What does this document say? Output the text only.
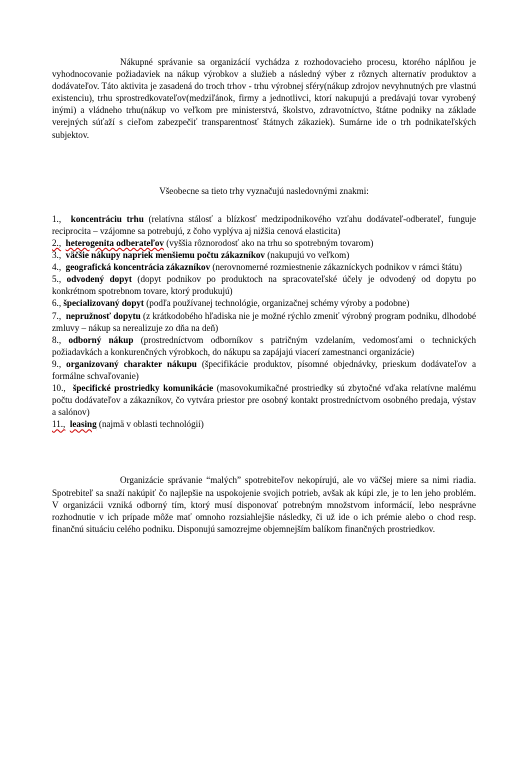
Nákupné správanie sa organizácií vychádza z rozhodovacieho procesu, ktorého náplňou je vyhodnocovanie požiadaviek na nákup výrobkov a služieb a následný výber z rôznych alternatív produktov a dodávateľov. Táto aktivita je zasadená do troch trhov - trhu výrobnej sféry(nákup zdrojov nevyhnutných pre vlastnú existenciu), trhu sprostredkovateľov(medziľánok, firmy a jednotlivci, ktorí nakupujú a predávajú tovar vyrobený inými) a vládneho trhu(nákup vo veľkom pre ministerstvá, školstvo, zdravotníctvo, štátne podniky na základe verejných súťaží s cieľom zabezpečiť transparentnosť štátnych zákaziek). Sumárne ide o trh podnikateľských subjektov.

Všeobecne sa tieto trhy vyznačujú nasledovnými znakmi:

1., koncentráciu trhu (relatívna stálosť a blízkosť medzipodnikového vzťahu dodávateľ-odberateľ, funguje reciprocita – vzájomne sa potrebujú, z čoho vyplýva aj nižšia cenová elasticita)
2., heterogenita odberateľov (vyššia rôznorodosť ako na trhu so spotrebným tovarom)
3., väčšie nákupy napriek menšiemu počtu zákazníkov (nakupujú vo veľkom)
4., geografická koncentrácia zákazníkov (nerovnomerné rozmiestnenie zákazníckych podnikov v rámci štátu)
5., odvodený dopyt (dopyt podnikov po produktoch na spracovateľské účely je odvodený od dopytu po konkrétnom spotrebnom tovare, ktorý produkujú)
6., špecializovaný dopyt (podľa používanej technológie, organizačnej schémy výroby a podobne)
7., nepružnosť dopytu (z krátkodobého hľadiska nie je možné rýchlo zmeniť výrobný program podniku, dlhodobé zmluvy – nákup sa nerealizuje zo dňa na deň)
8., odborný nákup (prostredníctvom odborníkov s patričným vzdelaním, vedomosťami o technických požiadavkách a konkurenčných výrobkoch, do nákupu sa zapájajú viacerí zamestnanci organizácie)
9., organizovaný charakter nákupu (špecifikácie produktov, písomné objednávky, prieskum dodávateľov a formálne schvaľovanie)
10., špecifické prostriedky komunikácie (masovokumikačné prostriedky sú zbytočné vďaka relatívne malému počtu dodávateľov a zákazníkov, čo vytvára priestor pre osobný kontakt prostredníctvom osobného predaja, výstav a salónov)
11., leasing (najmä v oblasti technológií)

Organizácie správanie “malých” spotrebiteľov nekopírujú, ale vo väčšej miere sa nimi riadia. Spotrebiteľ sa snaží nakúpiť čo najlepšie na uspokojenie svojich potrieb, avšak ak kúpi zle, je to len jeho problém. V organizácii vzniká odborný tím, ktorý musí disponovať potrebným množstvom informácií, lebo nesprávne rozhodnutie v ich prípade môže mať omnoho rozsiahlejšie následky, či už ide o ich prémie alebo o chod resp. finančnú situáciu celého podniku. Disponujú samozrejme objemnejším balíkom finančných prostriedkov.
